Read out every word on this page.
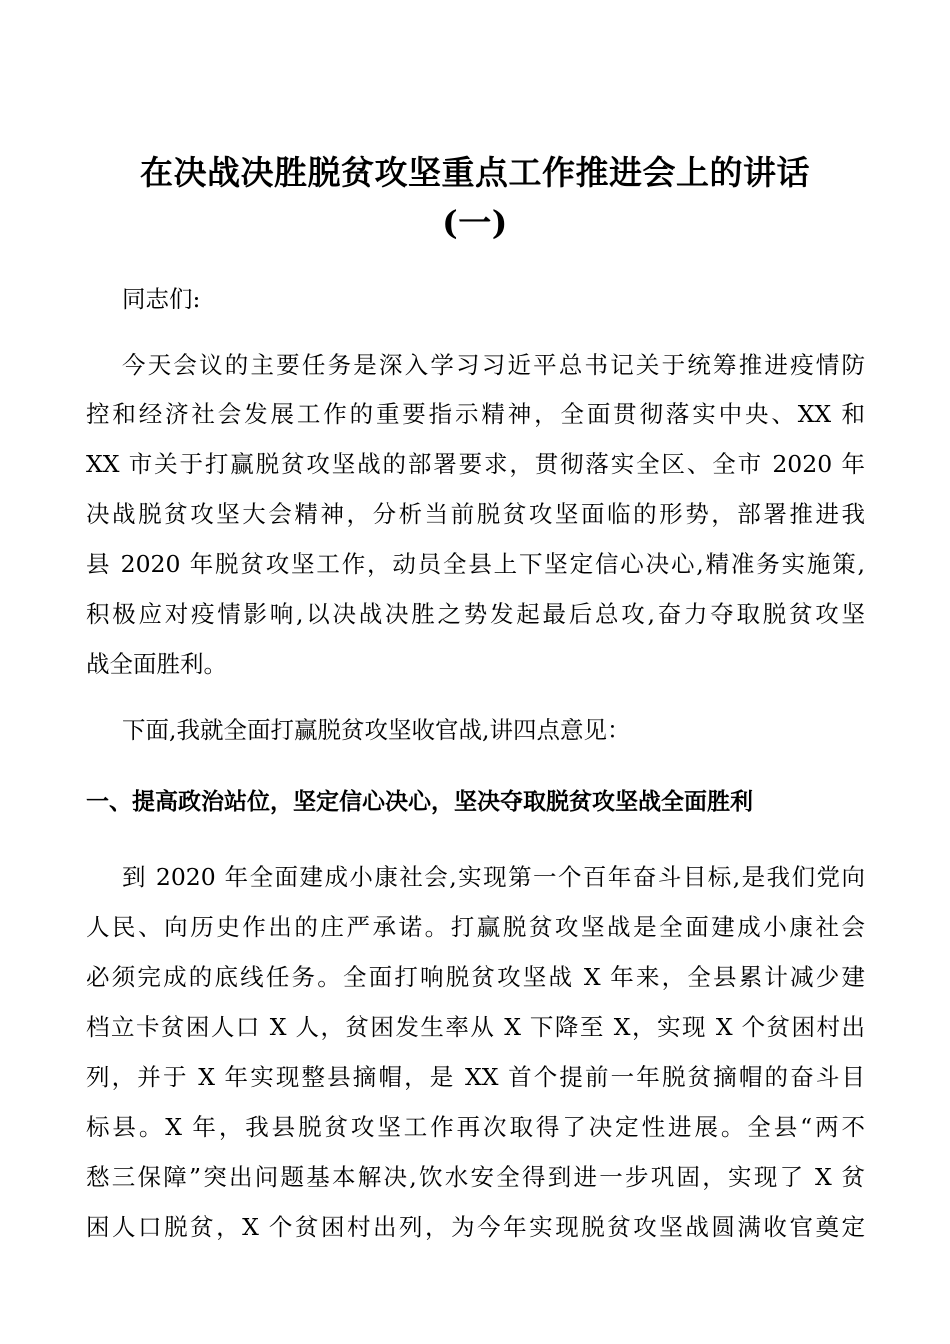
在决战决胜脱贫攻坚重点工作推进会上的讲话
(一)
同志们:
今天会议的主要任务是深入学习习近平总书记关于统筹推进疫情防
控和经济社会发展工作的重要指示精神，全面贯彻落实中央、XX 和
XX 市关于打赢脱贫攻坚战的部署要求，贯彻落实全区、全市 2020 年
决战脱贫攻坚大会精神，分析当前脱贫攻坚面临的形势，部署推进我
县 2020 年脱贫攻坚工作，动员全县上下坚定信心决心,精准务实施策,
积极应对疫情影响,以决战决胜之势发起最后总攻,奋力夺取脱贫攻坚
战全面胜利。
下面,我就全面打赢脱贫攻坚收官战,讲四点意见：
一、提高政治站位，坚定信心决心，坚决夺取脱贫攻坚战全面胜利
到 2020 年全面建成小康社会,实现第一个百年奋斗目标,是我们党向
人民、向历史作出的庄严承诺。打赢脱贫攻坚战是全面建成小康社会
必须完成的底线任务。全面打响脱贫攻坚战 X 年来，全县累计减少建
档立卡贫困人口 X 人，贫困发生率从 X 下降至 X，实现 X 个贫困村出
列，并于 X 年实现整县摘帽，是 XX 首个提前一年脱贫摘帽的奋斗目
标县。X 年，我县脱贫攻坚工作再次取得了决定性进展。全县“两不
愁三保障”突出问题基本解决,饮水安全得到进一步巩固，实现了 X 贫
困人口脱贫，X 个贫困村出列，为今年实现脱贫攻坚战圆满收官奠定
